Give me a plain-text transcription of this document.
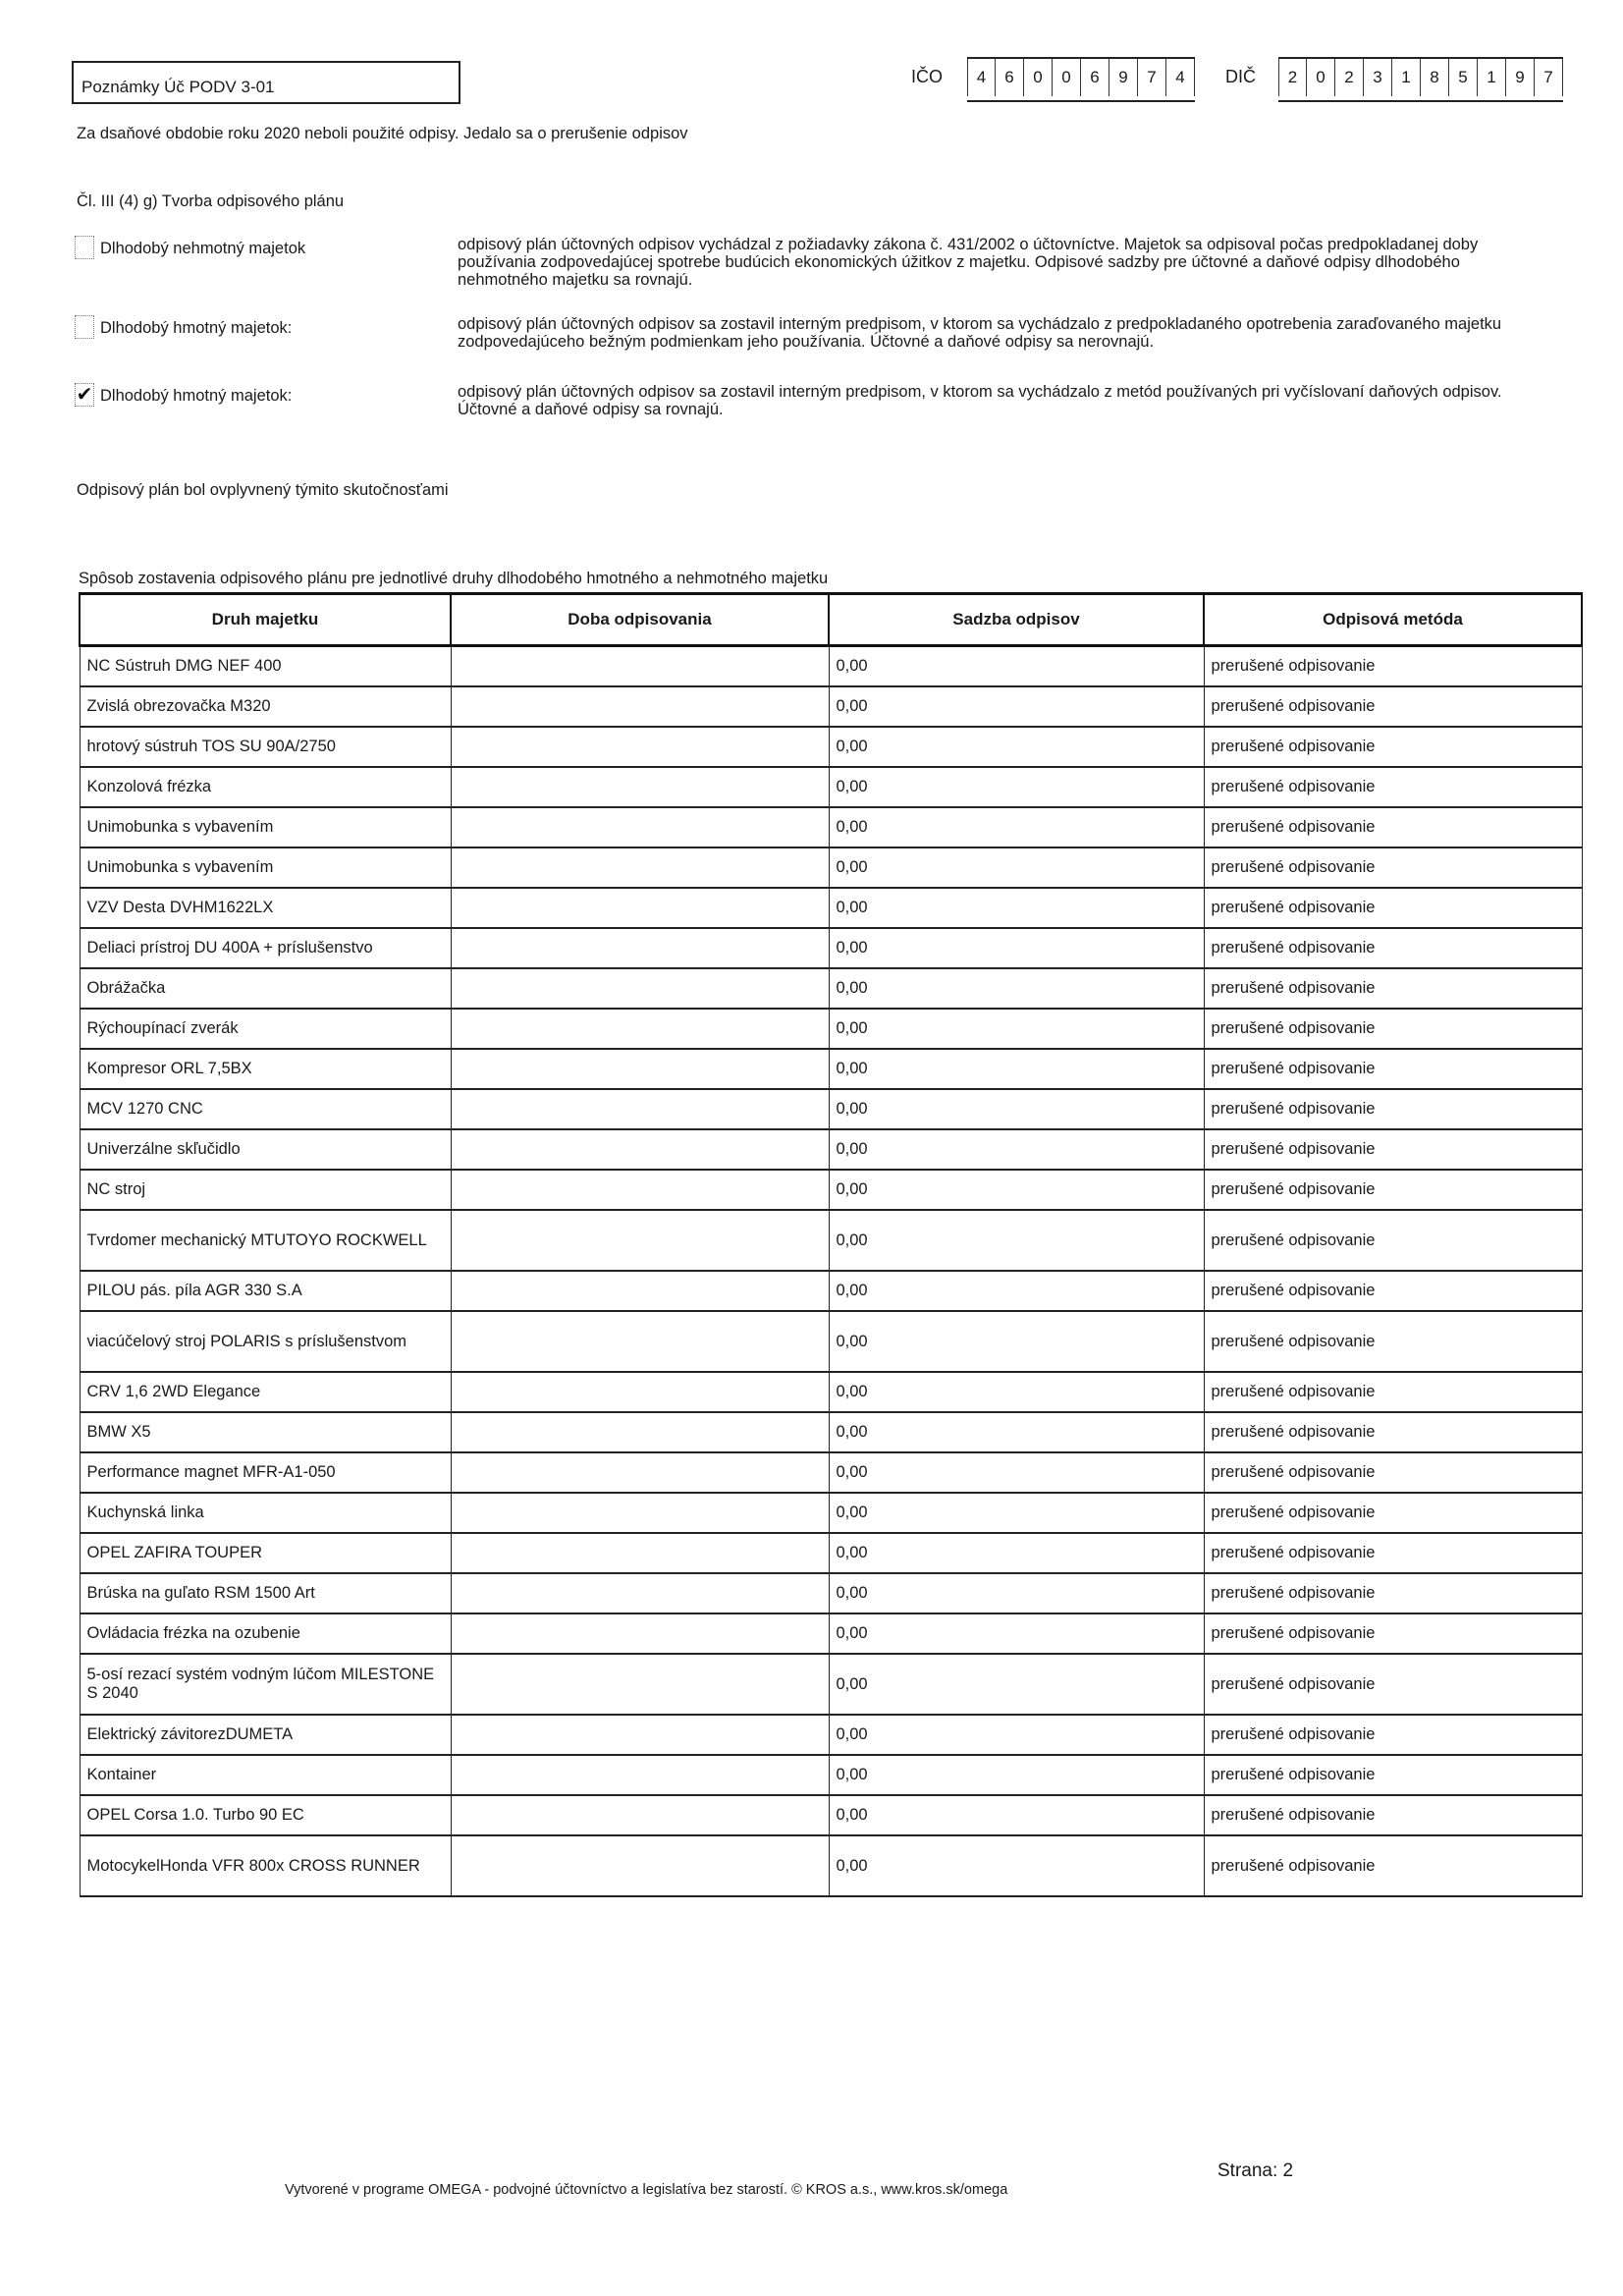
Poznámky Úč PODV 3-01
IČO	4	6	0	0	6	9	7	4	DIČ	2	0	2	3	1	8	5	1	9	7
Za dsaňové obdobie roku 2020 neboli použité odpisy. Jedalo sa o prerušenie odpisov
Čl. III (4) g) Tvorba odpisového plánu
Dlhodobý nehmotný majetok	odpisový plán účtovných odpisov vychádzal z požiadavky zákona č. 431/2002 o účtovníctve. Majetok sa odpisoval počas predpokladanej doby používania zodpovedajúcej spotrebe budúcich ekonomických úžitkov z majetku. Odpisové sadzby pre účtovné a daňové odpisy dlhodobého nehmotného majetku sa rovnajú.
Dlhodobý hmotný majetok:	odpisový plán účtovných odpisov sa zostavil interným predpisom, v ktorom sa vychádzalo z predpokladaného opotrebenia zaraďovaného majetku zodpovedajúceho bežným podmienkam jeho používania. Účtovné a daňové odpisy sa nerovnajú.
✔ Dlhodobý hmotný majetok:	odpisový plán účtovných odpisov sa zostavil interným predpisom, v ktorom sa vychádzalo z metód používaných pri vyčíslovaní daňových odpisov. Účtovné a daňové odpisy sa rovnajú.
Odpisový plán bol ovplyvnený týmito skutočnosťami
Spôsob zostavenia odpisového plánu pre jednotlivé druhy dlhodobého hmotného a nehmotného majetku
Druh majetku	Doba odpisovania	Sadzba odpisov	Odpisová metóda
NC Sústruh DMG NEF 400		0,00	prerušené odpisovanie
Zvislá obrezovačka M320		0,00	prerušené odpisovanie
hrotový sústruh TOS SU 90A/2750		0,00	prerušené odpisovanie
Konzolová frézka		0,00	prerušené odpisovanie
Unimobunka s vybavením		0,00	prerušené odpisovanie
Unimobunka s vybavením		0,00	prerušené odpisovanie
VZV Desta DVHM1622LX		0,00	prerušené odpisovanie
Deliaci prístroj DU 400A + príslušenstvo		0,00	prerušené odpisovanie
Obrážačka		0,00	prerušené odpisovanie
Rýchoupínací zverák		0,00	prerušené odpisovanie
Kompresor ORL 7,5BX		0,00	prerušené odpisovanie
MCV 1270 CNC		0,00	prerušené odpisovanie
Univerzálne skľučidlo		0,00	prerušené odpisovanie
NC stroj		0,00	prerušené odpisovanie
Tvrdomer mechanický MTUTOYO ROCKWELL		0,00	prerušené odpisovanie
PILOU pás. píla AGR 330 S.A		0,00	prerušené odpisovanie
viacúčelový stroj POLARIS s príslušenstvom		0,00	prerušené odpisovanie
CRV 1,6 2WD Elegance		0,00	prerušené odpisovanie
BMW X5		0,00	prerušené odpisovanie
Performance magnet MFR-A1-050		0,00	prerušené odpisovanie
Kuchynská linka		0,00	prerušené odpisovanie
OPEL ZAFIRA TOUPER		0,00	prerušené odpisovanie
Brúska na guľato RSM 1500 Art		0,00	prerušené odpisovanie
Ovládacia frézka na ozubenie		0,00	prerušené odpisovanie
5-osí rezací systém vodným lúčom MILESTONE S 2040		0,00	prerušené odpisovanie
Elektrický závitorezDUMETA		0,00	prerušené odpisovanie
Kontainer		0,00	prerušené odpisovanie
OPEL Corsa 1.0. Turbo 90 EC		0,00	prerušené odpisovanie
MotocykelHonda VFR 800x CROSS RUNNER		0,00	prerušené odpisovanie
Strana: 2
Vytvorené v programe OMEGA - podvojné účtovníctvo a legislatíva bez starostí. © KROS a.s., www.kros.sk/omega
